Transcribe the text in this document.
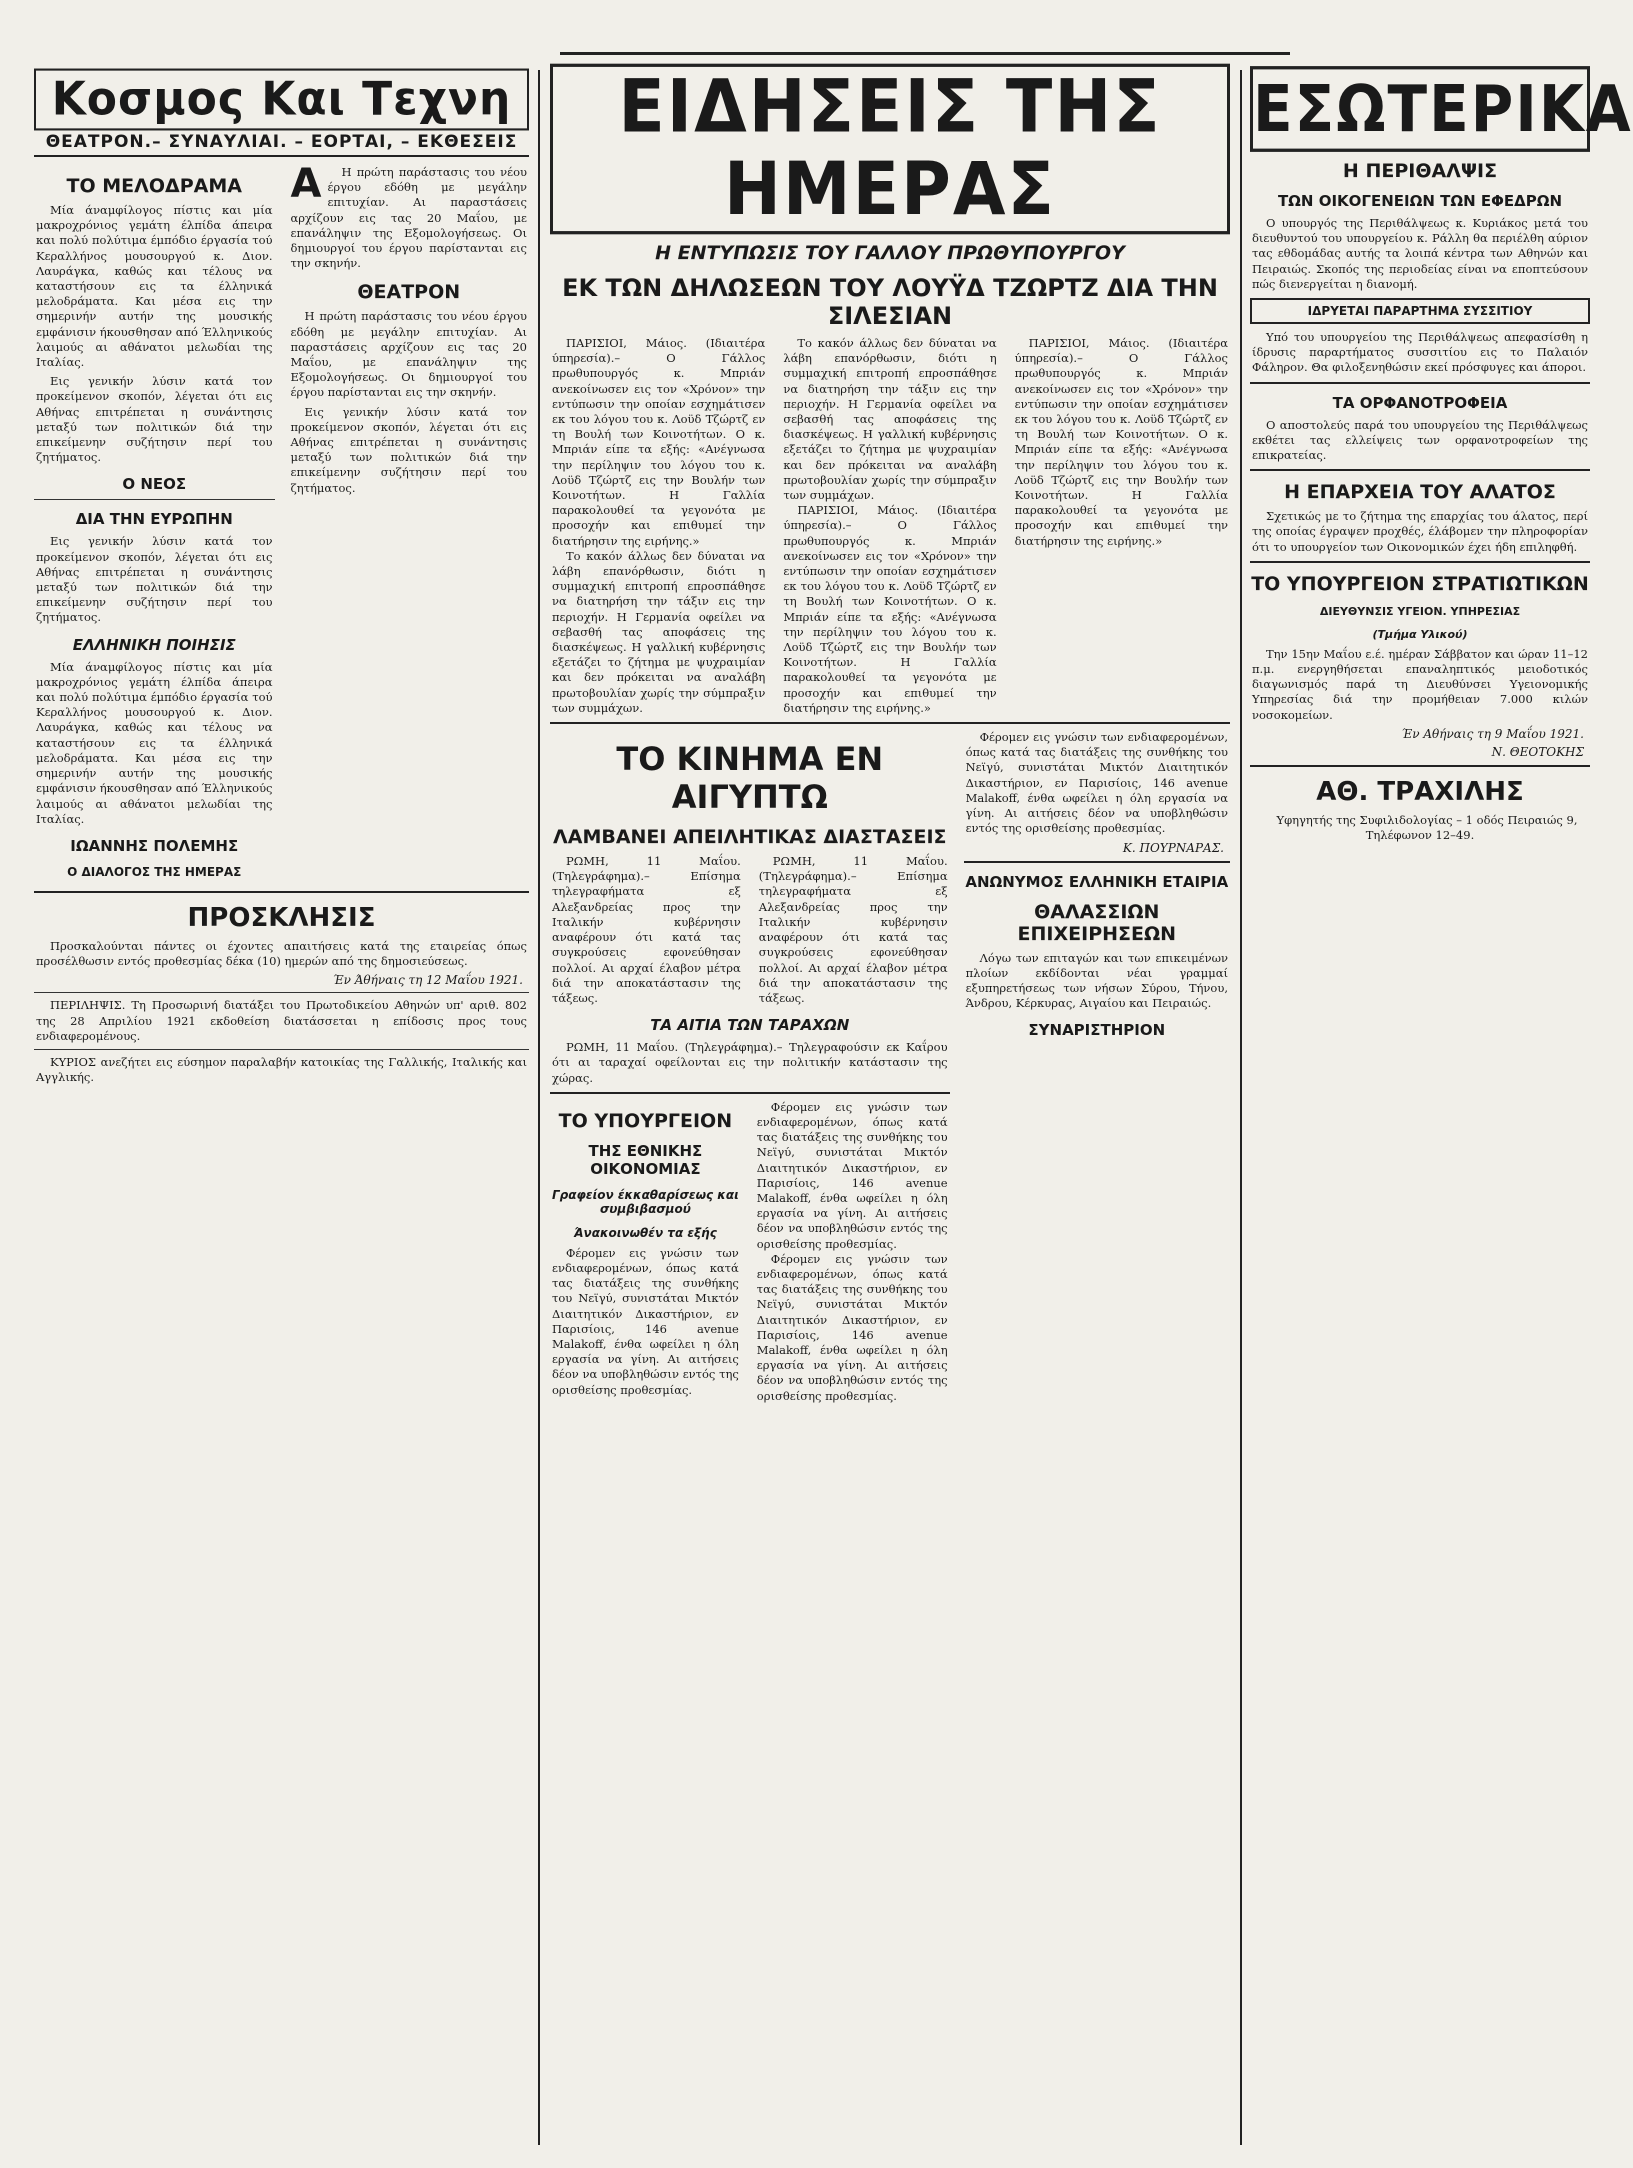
Κοσμος Και Τεχνη
ΘΕΑΤΡΟΝ.– ΣΥΝΑΥΛΙΑΙ. – ΕΟΡΤΑΙ, – ΕΚΘΕΣΕΙΣ
ΤΟ ΜΕΛΟΔΡΑΜΑ

Μία άναμφίλογος πίστις και μία μακροχρόνιος γεμάτη έλπίδα άπειρα και πολύ πολύτιμα έμπόδιο έργασία τού Κεραλλήνος μουσουργού κ. Διον. Λαυράγκα, καθώς και τέλους να καταστήσουν εις τα έλληνικά μελοδράματα. Και μέσα εις την σημερινήν αυτήν της μουσικής εμφάνισιν ήκουσθησαν από Έλληνικούς λαιμούς αι αθάνατοι μελωδίαι της Ιταλίας.

Εις γενικήν λύσιν κατά τον προκείμενον σκοπόν, λέγεται ότι εις Αθήνας επιτρέπεται η συνάντησις μεταξύ των πολιτικών διά την επικείμενην συζήτησιν περί του ζητήματος.

Ο ΝΕΟΣ
ΔΙΑ ΤΗΝ ΕΥΡΩΠΗΝ

Εις γενικήν λύσιν κατά τον προκείμενον σκοπόν, λέγεται ότι εις Αθήνας επιτρέπεται η συνάντησις μεταξύ των πολιτικών διά την επικείμενην συζήτησιν περί του ζητήματος.

ΕΛΛΗΝΙΚΗ ΠΟΙΗΣΙΣ

Μία άναμφίλογος πίστις και μία μακροχρόνιος γεμάτη έλπίδα άπειρα και πολύ πολύτιμα έμπόδιο έργασία τού Κεραλλήνος μουσουργού κ. Διον. Λαυράγκα, καθώς και τέλους να καταστήσουν εις τα έλληνικά μελοδράματα. Και μέσα εις την σημερινήν αυτήν της μουσικής εμφάνισιν ήκουσθησαν από Έλληνικούς λαιμούς αι αθάνατοι μελωδίαι της Ιταλίας.

ΙΩΑΝΝΗΣ ΠΟΛΕΜΗΣ
Ο ΔΙΑΛΟΓΟΣ ΤΗΣ ΗΜΕΡΑΣ
Α	Η πρώτη παράστασις του νέου έργου εδόθη με μεγάλην επιτυχίαν. Αι παραστάσεις αρχίζουν εις τας 20 Μαΐου, με επανάληψιν της Εξομολογήσεως. Οι δημιουργοί του έργου παρίστανται εις την σκηνήν.

ΘΕΑΤΡΟΝ

Η πρώτη παράστασις του νέου έργου εδόθη με μεγάλην επιτυχίαν. Αι παραστάσεις αρχίζουν εις τας 20 Μαΐου, με επανάληψιν της Εξομολογήσεως. Οι δημιουργοί του έργου παρίστανται εις την σκηνήν.

Εις γενικήν λύσιν κατά τον προκείμενον σκοπόν, λέγεται ότι εις Αθήνας επιτρέπεται η συνάντησις μεταξύ των πολιτικών διά την επικείμενην συζήτησιν περί του ζητήματος.

ΠΡΟΣΚΛΗΣΙΣ

Προσκαλούνται πάντες οι έχοντες απαιτήσεις κατά της εταιρείας όπως προσέλθωσιν εντός προθεσμίας δέκα (10) ημερών από της δημοσιεύσεως.

Έν Άθήναις τη 12 Μαΐου 1921.

ΠΕΡΙΛΗΨΙΣ. Τη Προσωρινή διατάξει του Πρωτοδικείου Αθηνών υπ' αριθ. 802 της 28 Απριλίου 1921 εκδοθείση διατάσσεται η επίδοσις προς τους ενδιαφερομένους.

ΚΥΡΙΟΣ ανεζήτει εις εύσημον παραλαβήν κατοικίας της Γαλλικής, Ιταλικής και Αγγλικής.

ΕΙΔΗΣΕΙΣ ΤΗΣ ΗΜΕΡΑΣ
Η ΕΝΤΥΠΩΣΙΣ ΤΟΥ ΓΑΛΛΟΥ ΠΡΩΘΥΠΟΥΡΓΟΥ
ΕΚ ΤΩΝ ΔΗΛΩΣΕΩΝ ΤΟΥ ΛΟΥΫΔ ΤΖΩΡΤΖ ΔΙΑ ΤΗΝ ΣΙΛΕΣΙΑΝ

ΠΑΡΙΣΙΟΙ, Μάιος. (Ιδιαιτέρα ύπηρεσία).– Ο Γάλλος πρωθυπουργός κ. Μπριάν ανεκοίνωσεν εις τον «Χρόνον» την εντύπωσιν την οποίαν εσχημάτισεν εκ του λόγου του κ. Λοϋδ Τζώρτζ εν τη Βουλή των Κοινοτήτων. Ο κ. Μπριάν είπε τα εξής: «Ανέγνωσα την περίληψιν του λόγου του κ. Λοϋδ Τζώρτζ εις την Βουλήν των Κοινοτήτων. Η Γαλλία παρακολουθεί τα γεγονότα με προσοχήν και επιθυμεί την διατήρησιν της ειρήνης.»

Το κακόν άλλως δεν δύναται να λάβη επανόρθωσιν, διότι η συμμαχική επιτροπή επροσπάθησε να διατηρήση την τάξιν εις την περιοχήν. Η Γερμανία οφείλει να σεβασθή τας αποφάσεις της διασκέψεως. Η γαλλική κυβέρνησις εξετάζει το ζήτημα με ψυχραιμίαν και δεν πρόκειται να αναλάβη πρωτοβουλίαν χωρίς την σύμπραξιν των συμμάχων.

Το κακόν άλλως δεν δύναται να λάβη επανόρθωσιν, διότι η συμμαχική επιτροπή επροσπάθησε να διατηρήση την τάξιν εις την περιοχήν. Η Γερμανία οφείλει να σεβασθή τας αποφάσεις της διασκέψεως. Η γαλλική κυβέρνησις εξετάζει το ζήτημα με ψυχραιμίαν και δεν πρόκειται να αναλάβη πρωτοβουλίαν χωρίς την σύμπραξιν των συμμάχων.

ΠΑΡΙΣΙΟΙ, Μάιος. (Ιδιαιτέρα ύπηρεσία).– Ο Γάλλος πρωθυπουργός κ. Μπριάν ανεκοίνωσεν εις τον «Χρόνον» την εντύπωσιν την οποίαν εσχημάτισεν εκ του λόγου του κ. Λοϋδ Τζώρτζ εν τη Βουλή των Κοινοτήτων. Ο κ. Μπριάν είπε τα εξής: «Ανέγνωσα την περίληψιν του λόγου του κ. Λοϋδ Τζώρτζ εις την Βουλήν των Κοινοτήτων. Η Γαλλία παρακολουθεί τα γεγονότα με προσοχήν και επιθυμεί την διατήρησιν της ειρήνης.»

ΠΑΡΙΣΙΟΙ, Μάιος. (Ιδιαιτέρα ύπηρεσία).– Ο Γάλλος πρωθυπουργός κ. Μπριάν ανεκοίνωσεν εις τον «Χρόνον» την εντύπωσιν την οποίαν εσχημάτισεν εκ του λόγου του κ. Λοϋδ Τζώρτζ εν τη Βουλή των Κοινοτήτων. Ο κ. Μπριάν είπε τα εξής: «Ανέγνωσα την περίληψιν του λόγου του κ. Λοϋδ Τζώρτζ εις την Βουλήν των Κοινοτήτων. Η Γαλλία παρακολουθεί τα γεγονότα με προσοχήν και επιθυμεί την διατήρησιν της ειρήνης.»

ΤΟ ΚΙΝΗΜΑ ΕΝ ΑΙΓΥΠΤΩ
ΛΑΜΒΑΝΕΙ ΑΠΕΙΛΗΤΙΚΑΣ ΔΙΑΣΤΑΣΕΙΣ

ΡΩΜΗ, 11 Μαΐου. (Τηλεγράφημα).– Επίσημα τηλεγραφήματα εξ Αλεξανδρείας προς την Ιταλικήν κυβέρνησιν αναφέρουν ότι κατά τας συγκρούσεις εφονεύθησαν πολλοί. Αι αρχαί έλαβον μέτρα διά την αποκατάστασιν της τάξεως.

ΡΩΜΗ, 11 Μαΐου. (Τηλεγράφημα).– Επίσημα τηλεγραφήματα εξ Αλεξανδρείας προς την Ιταλικήν κυβέρνησιν αναφέρουν ότι κατά τας συγκρούσεις εφονεύθησαν πολλοί. Αι αρχαί έλαβον μέτρα διά την αποκατάστασιν της τάξεως.

ΤΑ ΑΙΤΙΑ ΤΩΝ ΤΑΡΑΧΩΝ

ΡΩΜΗ, 11 Μαΐου. (Τηλεγράφημα).– Τηλεγραφούσιν εκ Καΐρου ότι αι ταραχαί οφείλονται εις την πολιτικήν κατάστασιν της χώρας.

ΤΟ ΥΠΟΥΡΓΕΙΟΝ
ΤΗΣ ΕΘΝΙΚΗΣ ΟΙΚΟΝΟΜΙΑΣ
Γραφείον έκκαθαρίσεως και συμβιβασμού
Άνακοινωθέν τα εξής

Φέρομεν εις γνώσιν των ενδιαφερομένων, όπως κατά τας διατάξεις της συνθήκης του Νεϊγύ, συνιστάται Μικτόν Διαιτητικόν Δικαστήριον, εν Παρισίοις, 146 avenue Malakoff, ένθα ωφείλει η όλη εργασία να γίνη. Αι αιτήσεις δέον να υποβληθώσιν εντός της ορισθείσης προθεσμίας.

Φέρομεν εις γνώσιν των ενδιαφερομένων, όπως κατά τας διατάξεις της συνθήκης του Νεϊγύ, συνιστάται Μικτόν Διαιτητικόν Δικαστήριον, εν Παρισίοις, 146 avenue Malakoff, ένθα ωφείλει η όλη εργασία να γίνη. Αι αιτήσεις δέον να υποβληθώσιν εντός της ορισθείσης προθεσμίας.

Φέρομεν εις γνώσιν των ενδιαφερομένων, όπως κατά τας διατάξεις της συνθήκης του Νεϊγύ, συνιστάται Μικτόν Διαιτητικόν Δικαστήριον, εν Παρισίοις, 146 avenue Malakoff, ένθα ωφείλει η όλη εργασία να γίνη. Αι αιτήσεις δέον να υποβληθώσιν εντός της ορισθείσης προθεσμίας.

Φέρομεν εις γνώσιν των ενδιαφερομένων, όπως κατά τας διατάξεις της συνθήκης του Νεϊγύ, συνιστάται Μικτόν Διαιτητικόν Δικαστήριον, εν Παρισίοις, 146 avenue Malakoff, ένθα ωφείλει η όλη εργασία να γίνη. Αι αιτήσεις δέον να υποβληθώσιν εντός της ορισθείσης προθεσμίας.

Κ. ΠΟΥΡΝΑΡΑΣ.
ΑΝΩΝΥΜΟΣ ΕΛΛΗΝΙΚΗ ΕΤΑΙΡΙΑ
ΘΑΛΑΣΣΙΩΝ ΕΠΙΧΕΙΡΗΣΕΩΝ

Λόγω των επιταγών και των επικειμένων πλοίων εκδίδονται νέαι γραμμαί εξυπηρετήσεως των νήσων Σύρου, Τήνου, Άνδρου, Κέρκυρας, Αιγαίου και Πειραιώς.

ΣΥΝΑΡΙΣΤΗΡΙΟΝ
ΕΣΩΤΕΡΙΚΑ
Η ΠΕΡΙΘΑΛΨΙΣ
ΤΩΝ ΟΙΚΟΓΕΝΕΙΩΝ ΤΩΝ ΕΦΕΔΡΩΝ

Ο υπουργός της Περιθάλψεως κ. Κυριάκος μετά του διευθυντού του υπουργείου κ. Ράλλη θα περιέλθη αύριον τας εθδομάδας αυτής τα λοιπά κέντρα των Αθηνών και Πειραιώς. Σκοπός της περιοδείας είναι να εποπτεύσουν πώς διενεργείται η διανομή.

ΙΔΡΥΕΤΑΙ ΠΑΡΑΡΤΗΜΑ ΣΥΣΣΙΤΙΟΥ

Υπό του υπουργείου της Περιθάλψεως απεφασίσθη η ίδρυσις παραρτήματος συσσιτίου εις το Παλαιόν Φάληρον. Θα φιλοξενηθώσιν εκεί πρόσφυγες και άποροι.

ΤΑ ΟΡΦΑΝΟΤΡΟΦΕΙΑ

Ο αποστολεύς παρά του υπουργείου της Περιθάλψεως εκθέτει τας ελλείψεις των ορφανοτροφείων της επικρατείας.

Η ΕΠΑΡΧΕΙΑ ΤΟΥ ΑΛΑΤΟΣ

Σχετικώς με το ζήτημα της επαρχίας του άλατος, περί της οποίας έγραψεν προχθές, έλάβομεν την πληροφορίαν ότι το υπουργείον των Οικονομικών έχει ήδη επιληφθή.

ΤΟ ΥΠΟΥΡΓΕΙΟΝ ΣΤΡΑΤΙΩΤΙΚΩΝ
ΔΙΕΥΘΥΝΣΙΣ ΥΓΕΙΟΝ. ΥΠΗΡΕΣΙΑΣ
(Τμήμα Υλικού)

Την 15ην Μαΐου ε.έ. ημέραν Σάββατον και ώραν 11–12 π.μ. ενεργηθήσεται επαναληπτικός μειοδοτικός διαγωνισμός παρά τη Διευθύνσει Υγειονομικής Υπηρεσίας διά την προμήθειαν 7.000 κιλών νοσοκομείων.

Έν Αθήναις τη 9 Μαΐου 1921.
Ν. ΘΕΟΤΟΚΗΣ
ΑΘ. ΤΡΑΧΙΛΗΣ

Υφηγητής της Συφιλιδολογίας – 1 οδός Πειραιώς 9, Τηλέφωνον 12–49.
